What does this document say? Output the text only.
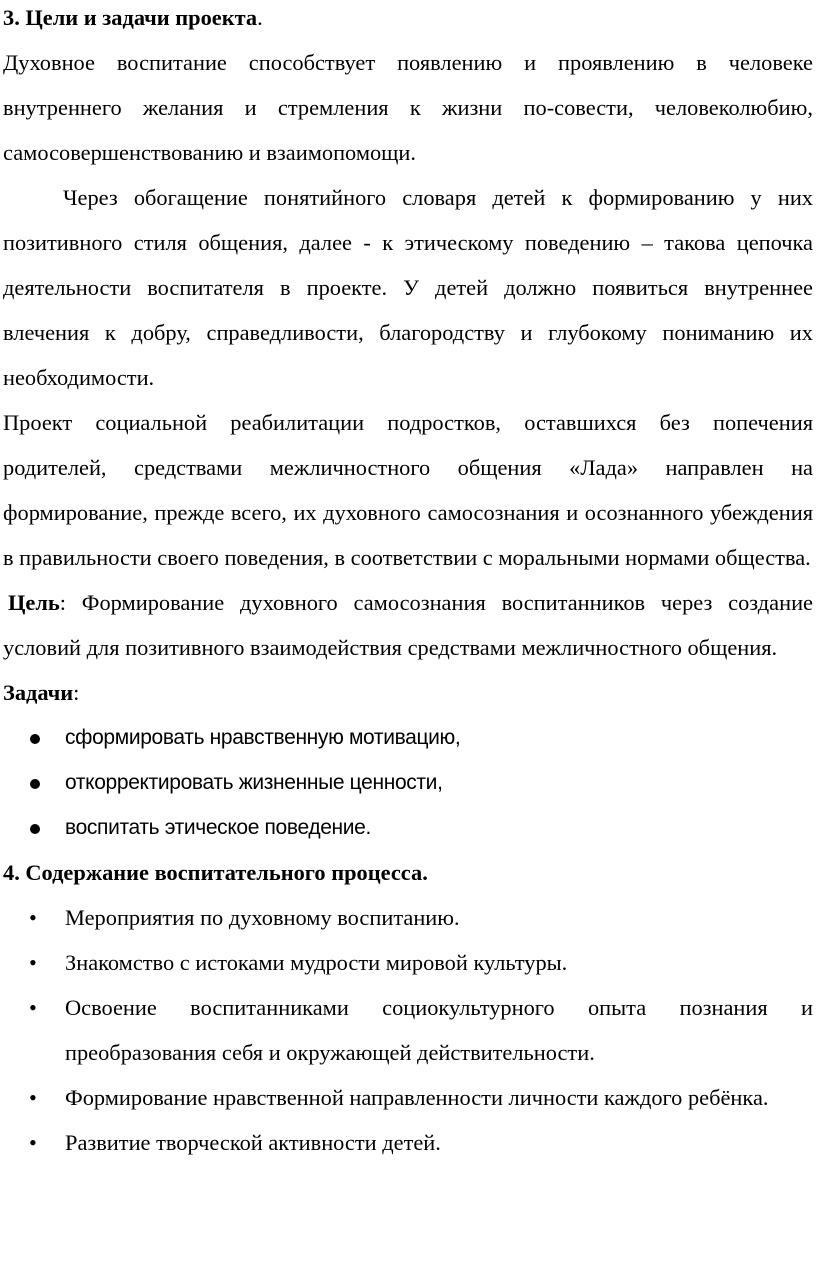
3. Цели и задачи проекта.

Духовное воспитание способствует появлению и проявлению в человеке внутреннего желания и стремления к жизни по-совести, человеколюбию, самосовершенствованию и взаимопомощи.

Через обогащение понятийного словаря детей к формированию у них позитивного стиля общения, далее - к этическому поведению – такова цепочка деятельности воспитателя в проекте. У детей должно появиться внутреннее влечения к добру, справедливости, благородству и глубокому пониманию их необходимости.

Проект социальной реабилитации подростков, оставшихся без попечения родителей, средствами межличностного общения «Лада» направлен на формирование, прежде всего, их духовного самосознания и осознанного убеждения в правильности своего поведения, в соответствии с моральными нормами общества.

Цель: Формирование духовного самосознания воспитанников через создание условий для позитивного взаимодействия средствами межличностного общения.

Задачи:
сформировать нравственную мотивацию,
откорректировать жизненные ценности,
воспитать этическое поведение.
4. Содержание воспитательного процесса.
•	Мероприятия по духовному воспитанию.
•	Знакомство с истоками мудрости мировой культуры.
•	Освоение воспитанниками социокультурного опыта познания и преобразования себя и окружающей действительности.
•	Формирование нравственной направленности личности каждого ребёнка.
•	Развитие творческой активности детей.
